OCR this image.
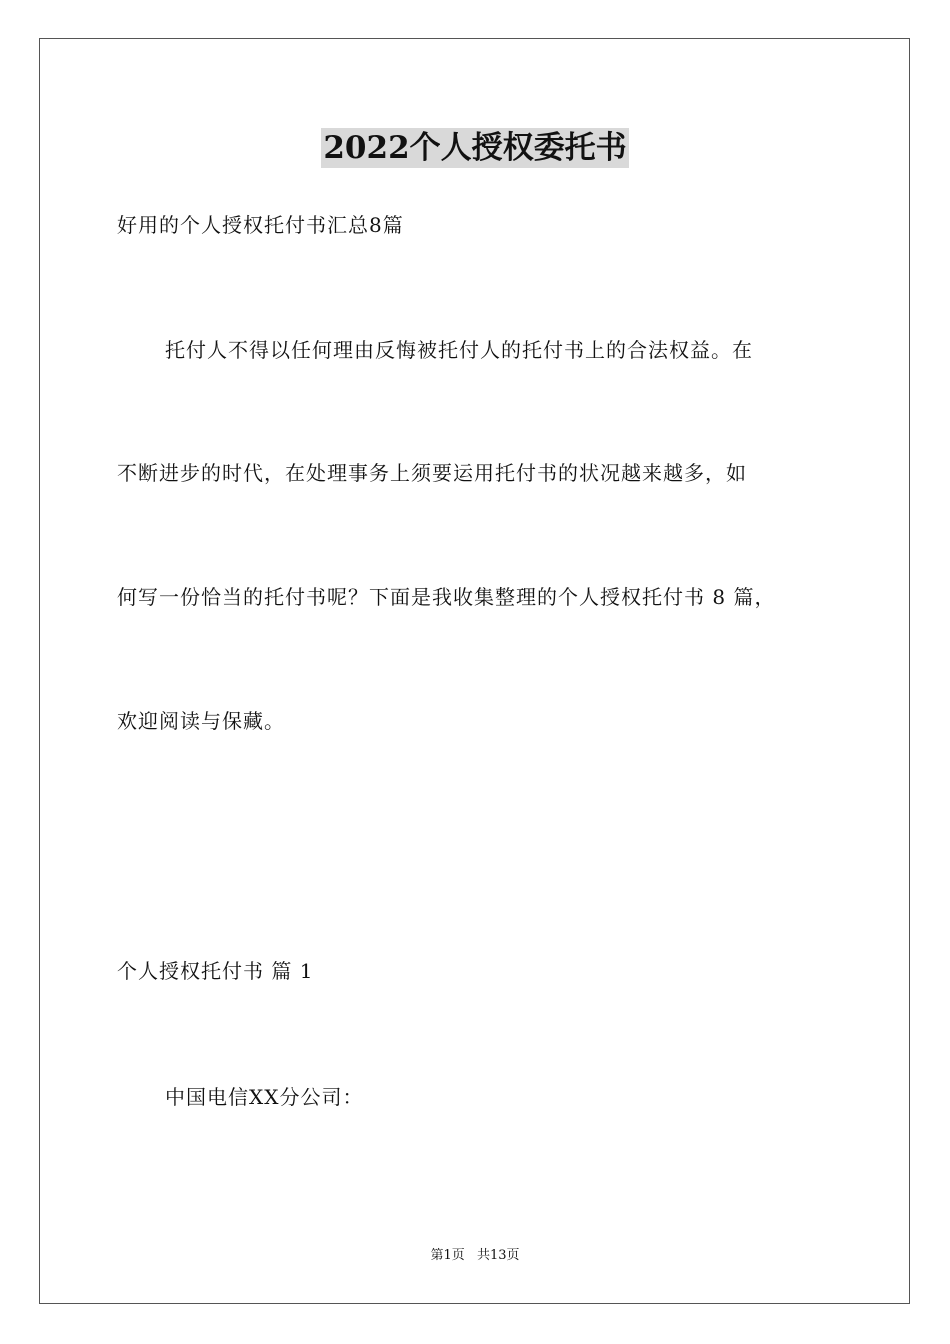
2022个人授权委托书
好用的个人授权托付书汇总8篇
托付人不得以任何理由反悔被托付人的托付书上的合法权益。在
不断进步的时代，在处理事务上须要运用托付书的状况越来越多，如
何写一份恰当的托付书呢？下面是我收集整理的个人授权托付书 8 篇，
欢迎阅读与保藏。
个人授权托付书 篇 1
中国电信XX分公司：
第1页 共13页
